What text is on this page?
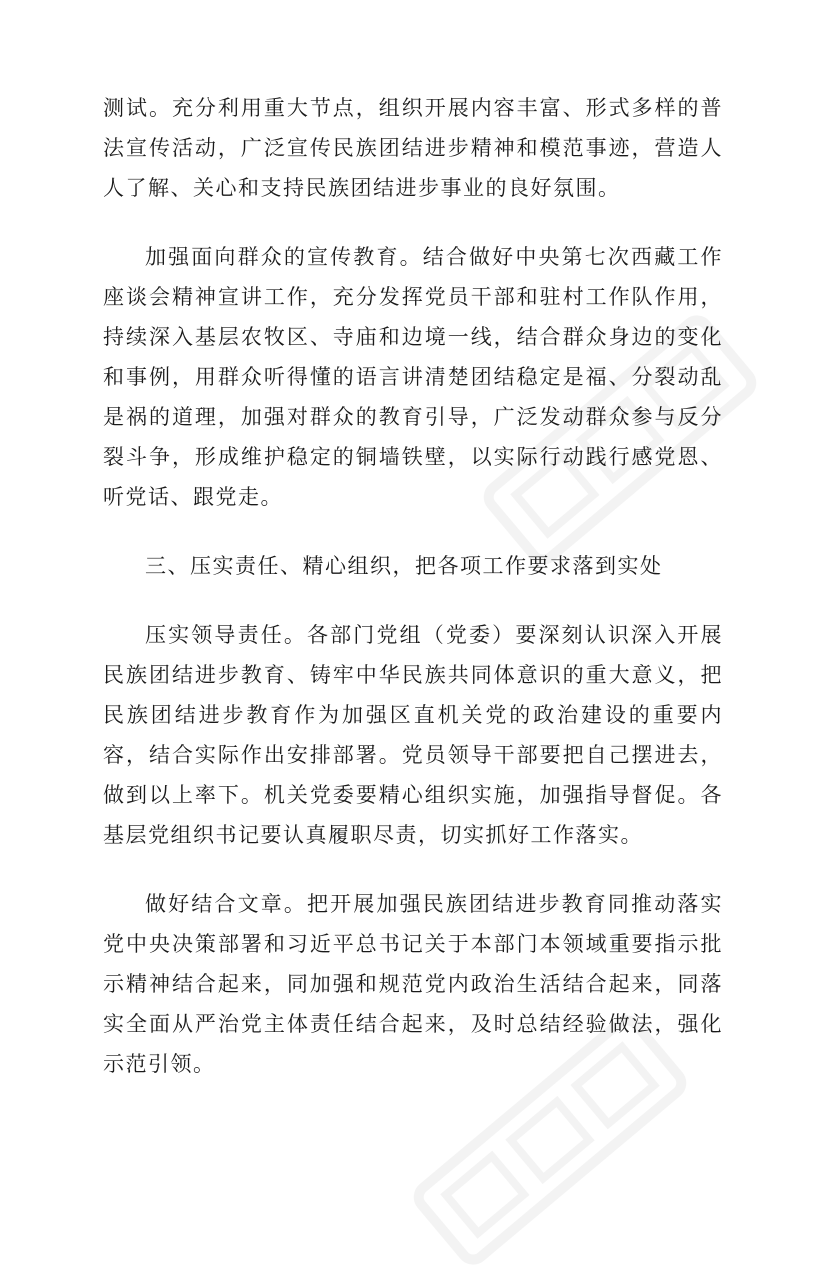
测试。充分利用重大节点，组织开展内容丰富、形式多样的普法宣传活动，广泛宣传民族团结进步精神和模范事迹，营造人人了解、关心和支持民族团结进步事业的良好氛围。

加强面向群众的宣传教育。结合做好中央第七次西藏工作座谈会精神宣讲工作，充分发挥党员干部和驻村工作队作用，持续深入基层农牧区、寺庙和边境一线，结合群众身边的变化和事例，用群众听得懂的语言讲清楚团结稳定是福、分裂动乱是祸的道理，加强对群众的教育引导，广泛发动群众参与反分裂斗争，形成维护稳定的铜墙铁壁，以实际行动践行感党恩、听党话、跟党走。

三、压实责任、精心组织，把各项工作要求落到实处

压实领导责任。各部门党组（党委）要深刻认识深入开展民族团结进步教育、铸牢中华民族共同体意识的重大意义，把民族团结进步教育作为加强区直机关党的政治建设的重要内容，结合实际作出安排部署。党员领导干部要把自己摆进去，做到以上率下。机关党委要精心组织实施，加强指导督促。各基层党组织书记要认真履职尽责，切实抓好工作落实。

做好结合文章。把开展加强民族团结进步教育同推动落实党中央决策部署和习近平总书记关于本部门本领域重要指示批示精神结合起来，同加强和规范党内政治生活结合起来，同落实全面从严治党主体责任结合起来，及时总结经验做法，强化示范引领。
